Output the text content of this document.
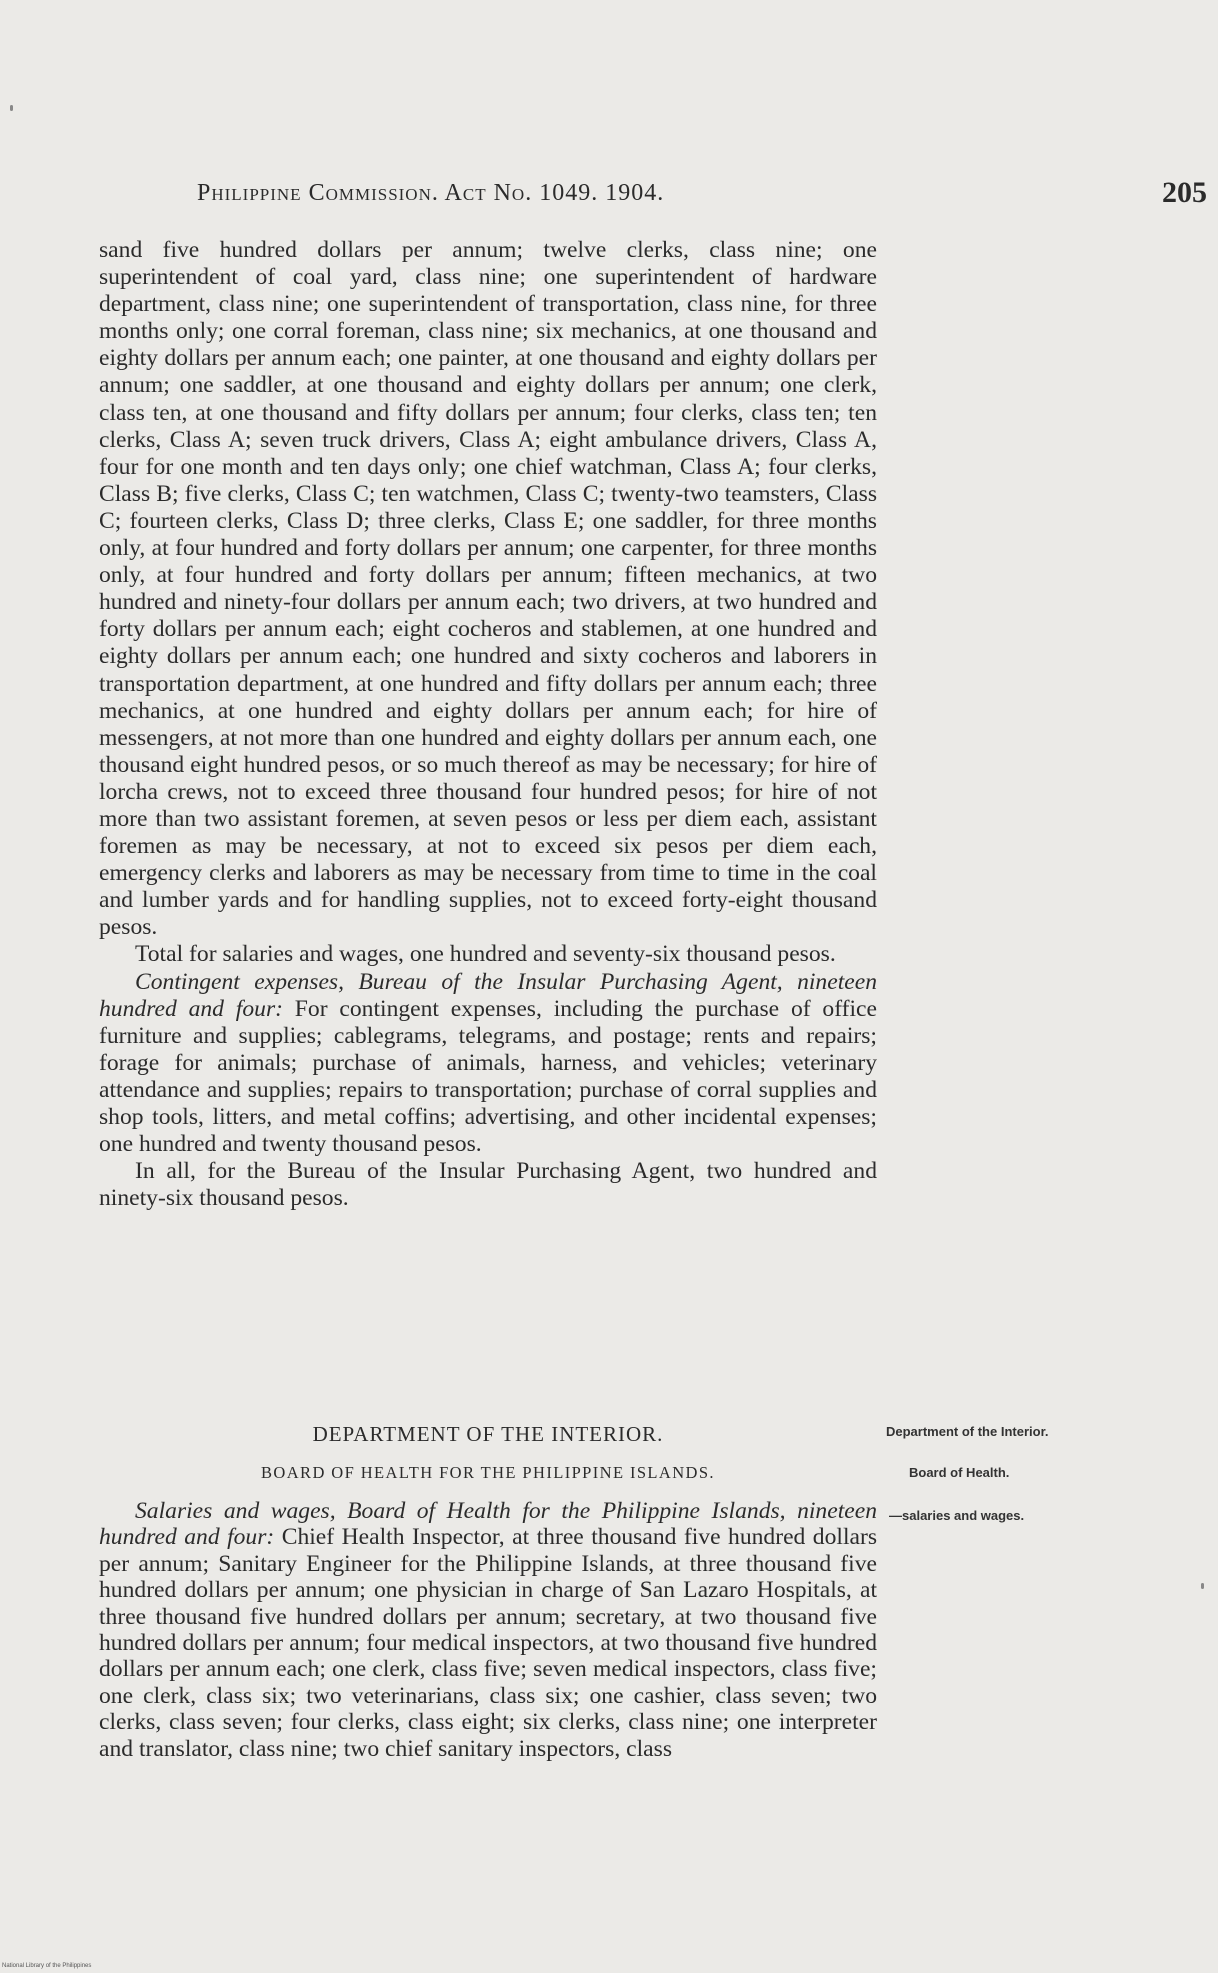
Philippine Commission. Act No. 1049. 1904.	205

sand five hundred dollars per annum; twelve clerks, class nine; one superintendent of coal yard, class nine; one superintendent of hardware department, class nine; one superintendent of transportation, class nine, for three months only; one corral foreman, class nine; six mechanics, at one thousand and eighty dollars per annum each; one painter, at one thousand and eighty dollars per annum; one saddler, at one thousand and eighty dollars per annum; one clerk, class ten, at one thousand and fifty dollars per annum; four clerks, class ten; ten clerks, Class A; seven truck drivers, Class A; eight ambulance drivers, Class A, four for one month and ten days only; one chief watchman, Class A; four clerks, Class B; five clerks, Class C; ten watchmen, Class C; twenty-two teamsters, Class C; fourteen clerks, Class D; three clerks, Class E; one saddler, for three months only, at four hundred and forty dollars per annum; one carpenter, for three months only, at four hundred and forty dollars per annum; fifteen mechanics, at two hundred and ninety-four dollars per annum each; two drivers, at two hundred and forty dollars per annum each; eight cocheros and stablemen, at one hundred and eighty dollars per annum each; one hundred and sixty cocheros and laborers in transportation department, at one hundred and fifty dollars per annum each; three mechanics, at one hundred and eighty dollars per annum each; for hire of messengers, at not more than one hundred and eighty dollars per annum each, one thousand eight hundred pesos, or so much thereof as may be necessary; for hire of lorcha crews, not to exceed three thousand four hundred pesos; for hire of not more than two assistant foremen, at seven pesos or less per diem each, assistant foremen as may be necessary, at not to exceed six pesos per diem each, emergency clerks and laborers as may be necessary from time to time in the coal and lumber yards and for handling supplies, not to exceed forty-eight thousand pesos.

Total for salaries and wages, one hundred and seventy-six thousand pesos.

Contingent expenses, Bureau of the Insular Purchasing Agent, nineteen hundred and four: For contingent expenses, including the purchase of office furniture and supplies; cablegrams, telegrams, and postage; rents and repairs; forage for animals; purchase of animals, harness, and vehicles; veterinary attendance and supplies; repairs to transportation; purchase of corral supplies and shop tools, litters, and metal coffins; advertising, and other incidental expenses; one hundred and twenty thousand pesos.

In all, for the Bureau of the Insular Purchasing Agent, two hundred and ninety-six thousand pesos.

DEPARTMENT OF THE INTERIOR.
BOARD OF HEALTH FOR THE PHILIPPINE ISLANDS.

Salaries and wages, Board of Health for the Philippine Islands, nineteen hundred and four: Chief Health Inspector, at three thousand five hundred dollars per annum; Sanitary Engineer for the Philippine Islands, at three thousand five hundred dollars per annum; one physician in charge of San Lazaro Hospitals, at three thousand five hundred dollars per annum; secretary, at two thousand five hundred dollars per annum; four medical inspectors, at two thousand five hundred dollars per annum each; one clerk, class five; seven medical inspectors, class five; one clerk, class six; two veterinarians, class six; one cashier, class seven; two clerks, class seven; four clerks, class eight; six clerks, class nine; one interpreter and translator, class nine; two chief sanitary inspectors, class

Department of the Interior.
Board of Health.
—salaries and wages.
National Library of the Philippines
